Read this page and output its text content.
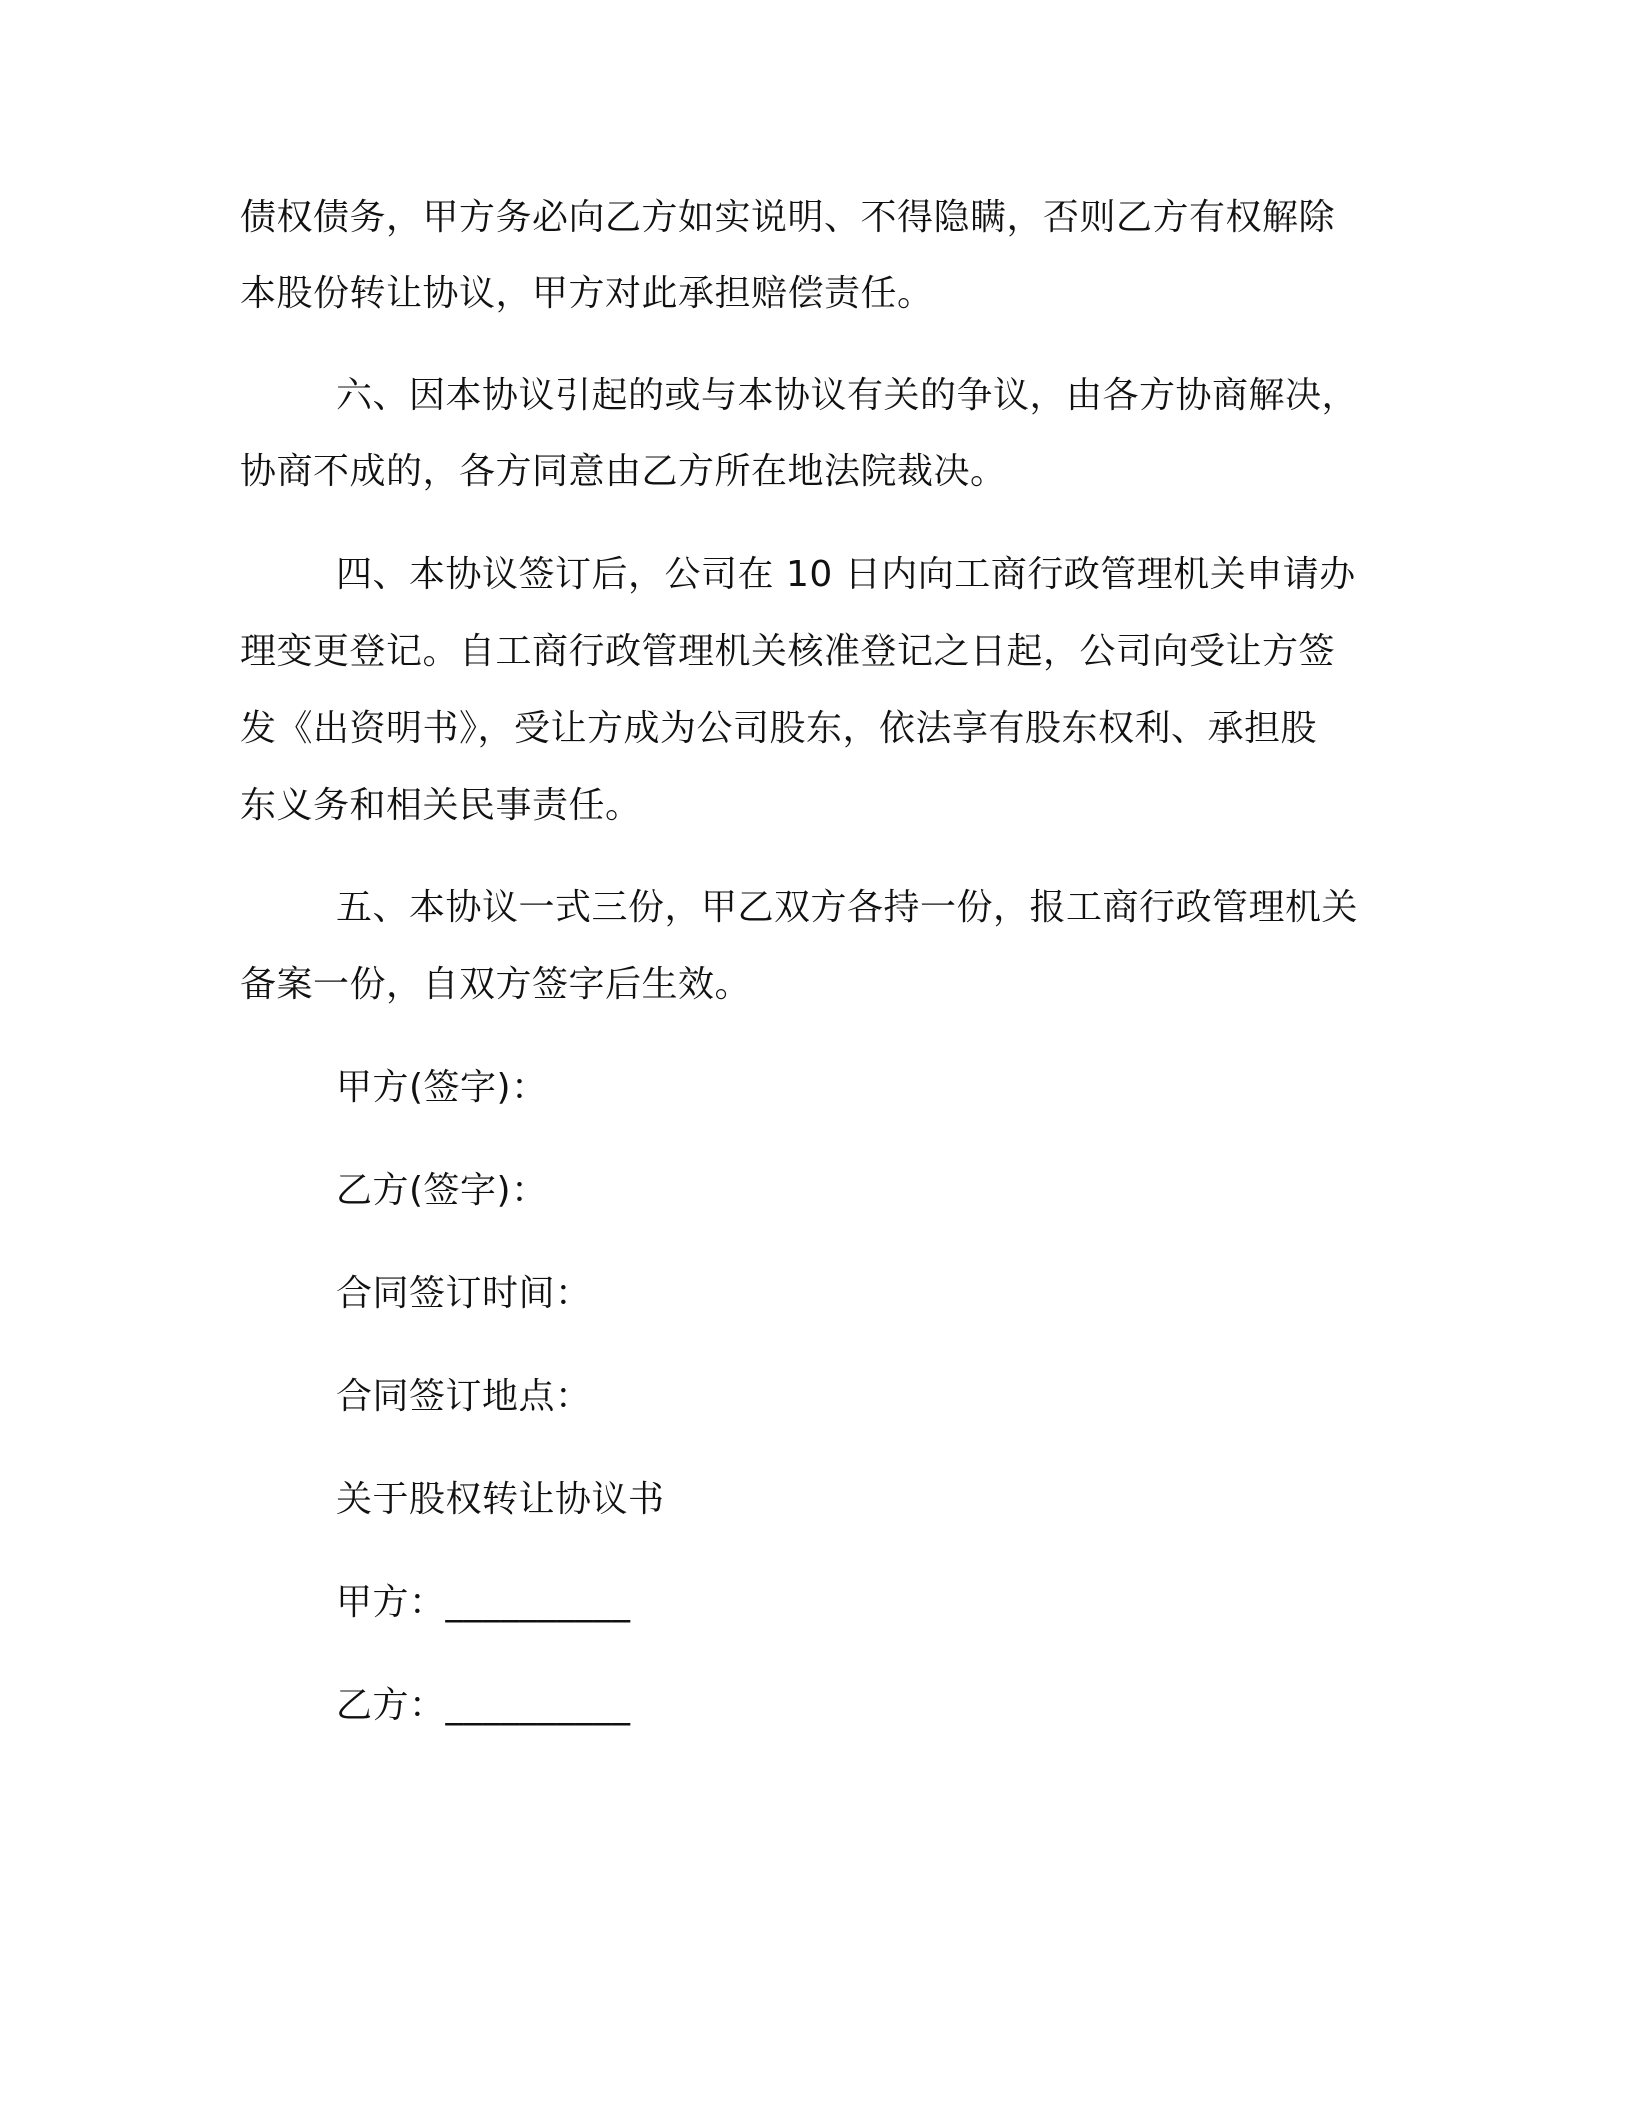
债权债务，甲方务必向乙方如实说明、不得隐瞒，否则乙方有权解除
本股份转让协议，甲方对此承担赔偿责任。
六、因本协议引起的或与本协议有关的争议，由各方协商解决，
协商不成的，各方同意由乙方所在地法院裁决。
四、本协议签订后，公司在 10 日内向工商行政管理机关申请办
理变更登记。自工商行政管理机关核准登记之日起，公司向受让方签
发《出资明书》，受让方成为公司股东，依法享有股东权利、承担股
东义务和相关民事责任。
五、本协议一式三份，甲乙双方各持一份，报工商行政管理机关
备案一份，自双方签字后生效。
甲方(签字)：
乙方(签字)：
合同签订时间：
合同签订地点：
关于股权转让协议书
甲方：__________
乙方：__________
